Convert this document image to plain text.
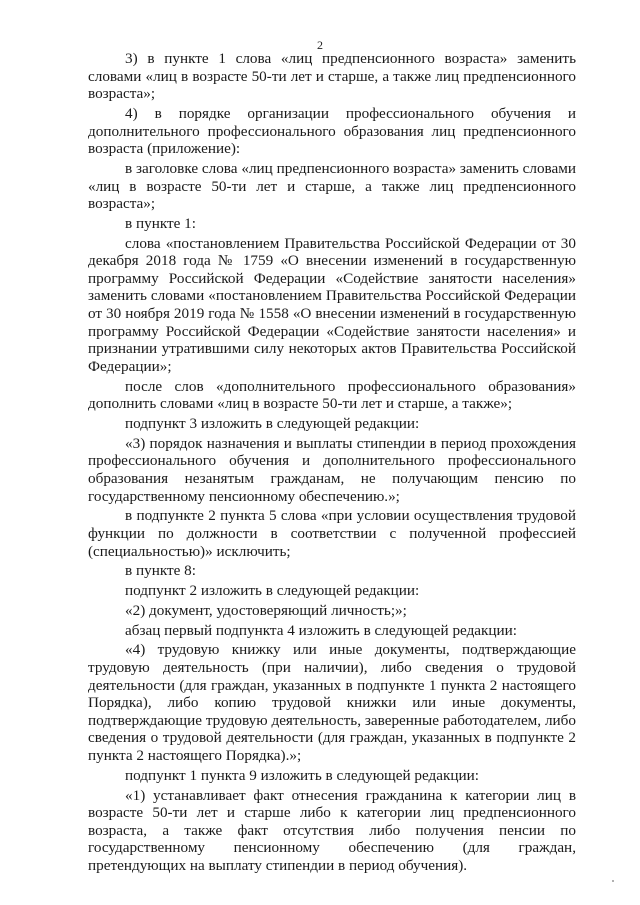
2

3) в пункте 1 слова «лиц предпенсионного возраста» заменить словами «лиц в возрасте 50-ти лет и старше, а также лиц предпенсионного возраста»;

4) в порядке организации профессионального обучения и дополнительного профессионального образования лиц предпенсионного возраста (приложение):

в заголовке слова «лиц предпенсионного возраста» заменить словами «лиц в возрасте 50-ти лет и старше, а также лиц предпенсионного возраста»;

в пункте 1:

слова «постановлением Правительства Российской Федерации от 30 декабря 2018 года № 1759 «О внесении изменений в государственную программу Российской Федерации «Содействие занятости населения» заменить словами «постановлением Правительства Российской Федерации от 30 ноября 2019 года № 1558 «О внесении изменений в государственную программу Российской Федерации «Содействие занятости населения» и признании утратившими силу некоторых актов Правительства Российской Федерации»;

после слов «дополнительного профессионального образования» дополнить словами «лиц в возрасте 50-ти лет и старше, а также»;

подпункт 3 изложить в следующей редакции:

«3) порядок назначения и выплаты стипендии в период прохождения профессионального обучения и дополнительного профессионального образования незанятым гражданам, не получающим пенсию по государственному пенсионному обеспечению.»;

в подпункте 2 пункта 5 слова «при условии осуществления трудовой функции по должности в соответствии с полученной профессией (специальностью)» исключить;

в пункте 8:

подпункт 2 изложить в следующей редакции:

«2) документ, удостоверяющий личность;»;

абзац первый подпункта 4 изложить в следующей редакции:

«4) трудовую книжку или иные документы, подтверждающие трудовую деятельность (при наличии), либо сведения о трудовой деятельности (для граждан, указанных в подпункте 1 пункта 2 настоящего Порядка), либо копию трудовой книжки или иные документы, подтверждающие трудовую деятельность, заверенные работодателем, либо сведения о трудовой деятельности (для граждан, указанных в подпункте 2 пункта 2 настоящего Порядка).»;

подпункт 1 пункта 9 изложить в следующей редакции:

«1) устанавливает факт отнесения гражданина к категории лиц в возрасте 50-ти лет и старше либо к категории лиц предпенсионного возраста, а также факт отсутствия либо получения пенсии по государственному пенсионному обеспечению (для граждан, претендующих на выплату стипендии в период обучения).
